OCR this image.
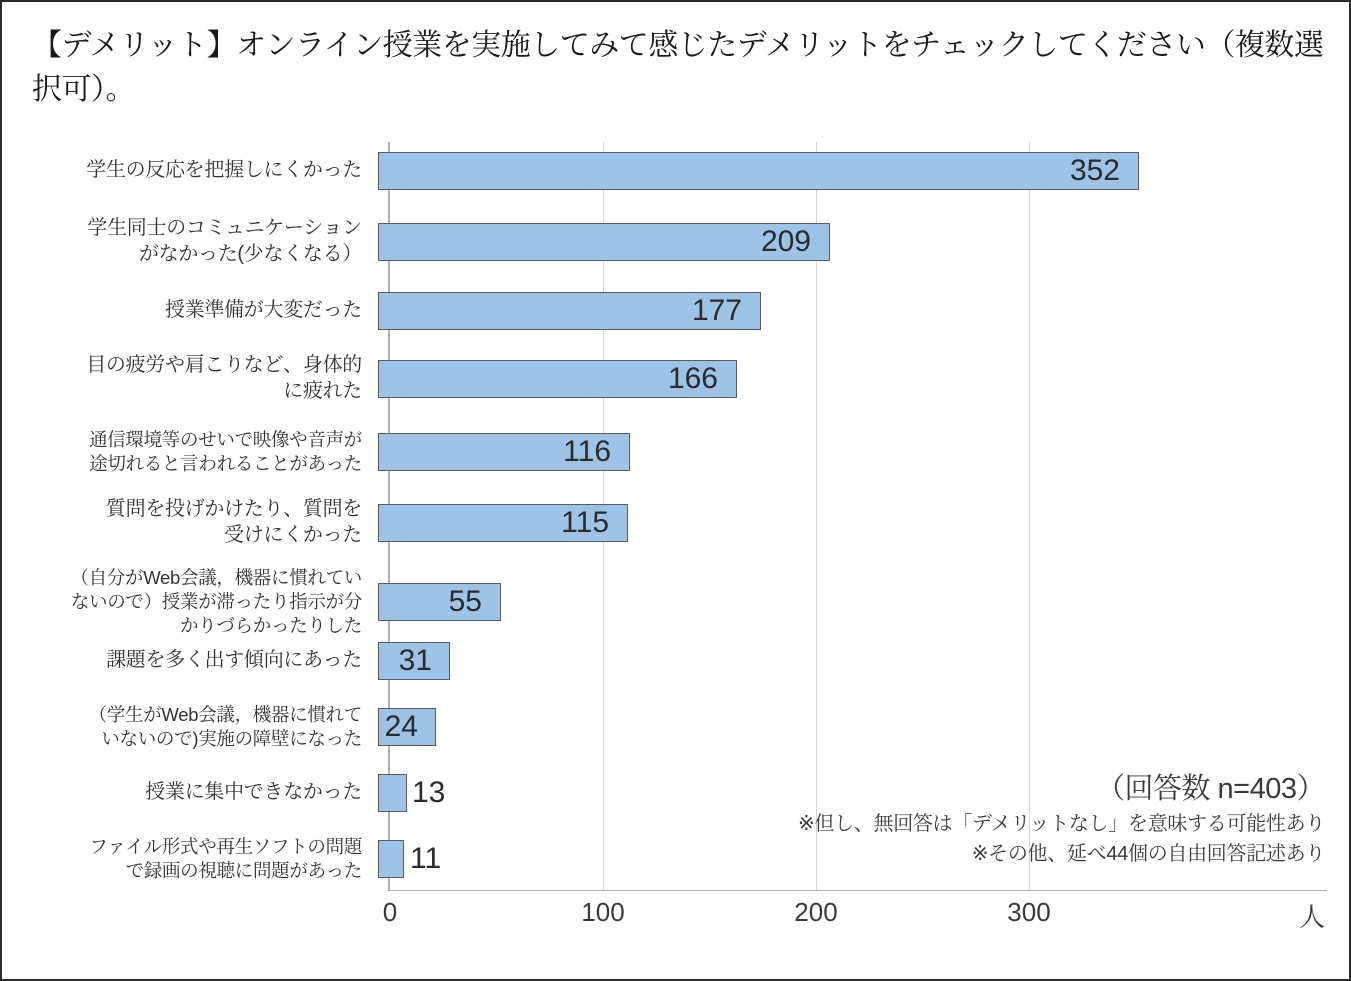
【デメリット】オンライン授業を実施してみて感じたデメリットをチェックしてください（複数選択可）。
学生の反応を把握しにくかった	352
学生同士のコミュニケーション
がなかった(少なくなる）	209
授業準備が大変だった	177
目の疲労や肩こりなど、身体的
に疲れた	166
通信環境等のせいで映像や音声が
途切れると言われることがあった	116
質問を投げかけたり、質問を
受けにくかった	115
（自分がWeb会議，機器に慣れてい
ないので）授業が滞ったり指示が分
かりづらかったりした
55
課題を多く出す傾向にあった	31
（学生がWeb会議，機器に慣れて
いないので)実施の障壁になった 24
授業に集中できなかった 13
ファイル形式や再生ソフトの問題
で録画の視聴に問題があった 11
（回答数 n=403）
※但し、無回答は「デメリットなし」を意味する可能性あり
※その他、延べ44個の自由回答記述あり
0	100	200	300	人
